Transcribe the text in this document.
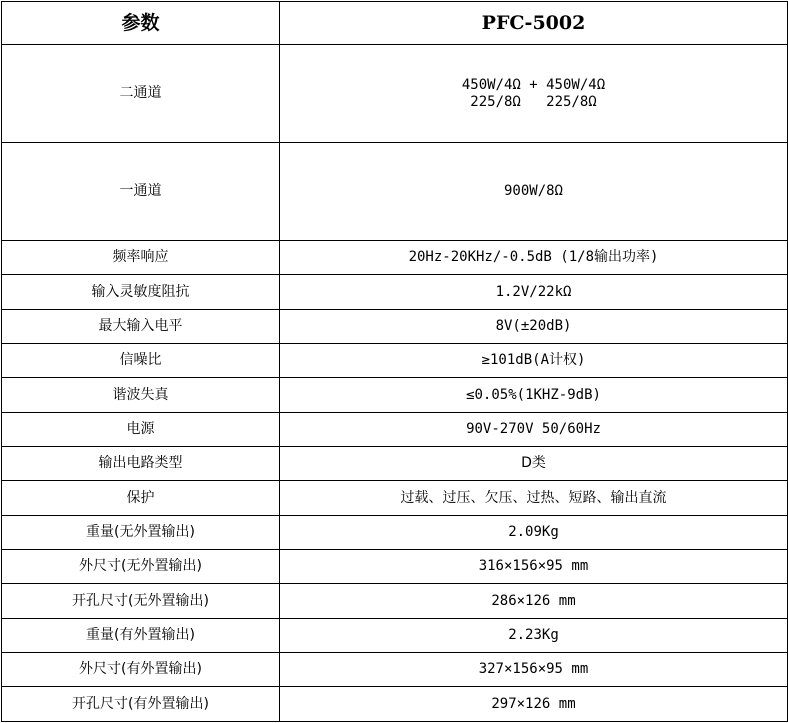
参数	PFC-5002
二通道	450W/4Ω + 450W/4Ω
225/8Ω   225/8Ω

一通道	900W/8Ω
频率响应	20Hz-20KHz/-0.5dB (1/8输出功率)
输入灵敏度阻抗	1.2V/22kΩ
最大输入电平	8V(±20dB)
信噪比	≥101dB(A计权)
谐波失真	≤0.05%(1KHZ-9dB)
电源	90V-270V 50/60Hz
输出电路类型	D类
保护	过载、过压、欠压、过热、短路、输出直流
重量(无外置输出)	2.09Kg
外尺寸(无外置输出)	316×156×95 mm
开孔尺寸(无外置输出)	286×126 mm
重量(有外置输出)	2.23Kg
外尺寸(有外置输出)	327×156×95 mm
开孔尺寸(有外置输出)	297×126 mm
